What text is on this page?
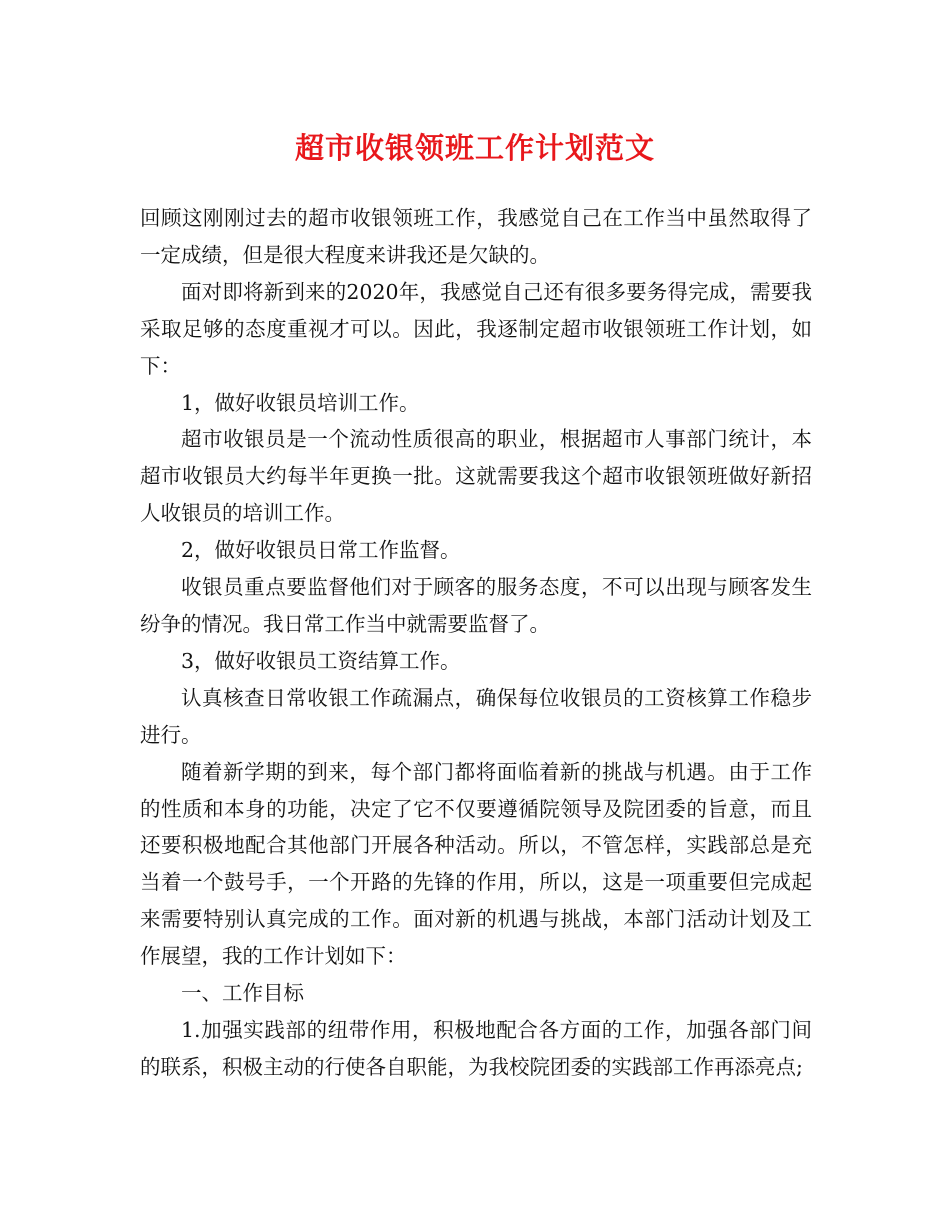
超市收银领班工作计划范文

回顾这刚刚过去的超市收银领班工作，我感觉自己在工作当中虽然取得了一定成绩，但是很大程度来讲我还是欠缺的。

面对即将新到来的2020年，我感觉自己还有很多要务得完成，需要我采取足够的态度重视才可以。因此，我逐制定超市收银领班工作计划，如下：

1，做好收银员培训工作。

超市收银员是一个流动性质很高的职业，根据超市人事部门统计，本超市收银员大约每半年更换一批。这就需要我这个超市收银领班做好新招人收银员的培训工作。

2，做好收银员日常工作监督。

收银员重点要监督他们对于顾客的服务态度，不可以出现与顾客发生纷争的情况。我日常工作当中就需要监督了。

3，做好收银员工资结算工作。

认真核查日常收银工作疏漏点，确保每位收银员的工资核算工作稳步进行。

随着新学期的到来，每个部门都将面临着新的挑战与机遇。由于工作的性质和本身的功能，决定了它不仅要遵循院领导及院团委的旨意，而且还要积极地配合其他部门开展各种活动。所以，不管怎样，实践部总是充当着一个鼓号手，一个开路的先锋的作用，所以，这是一项重要但完成起来需要特别认真完成的工作。面对新的机遇与挑战，本部门活动计划及工作展望，我的工作计划如下：

一、工作目标

1.加强实践部的纽带作用，积极地配合各方面的工作，加强各部门间的联系，积极主动的行使各自职能，为我校院团委的实践部工作再添亮点;
